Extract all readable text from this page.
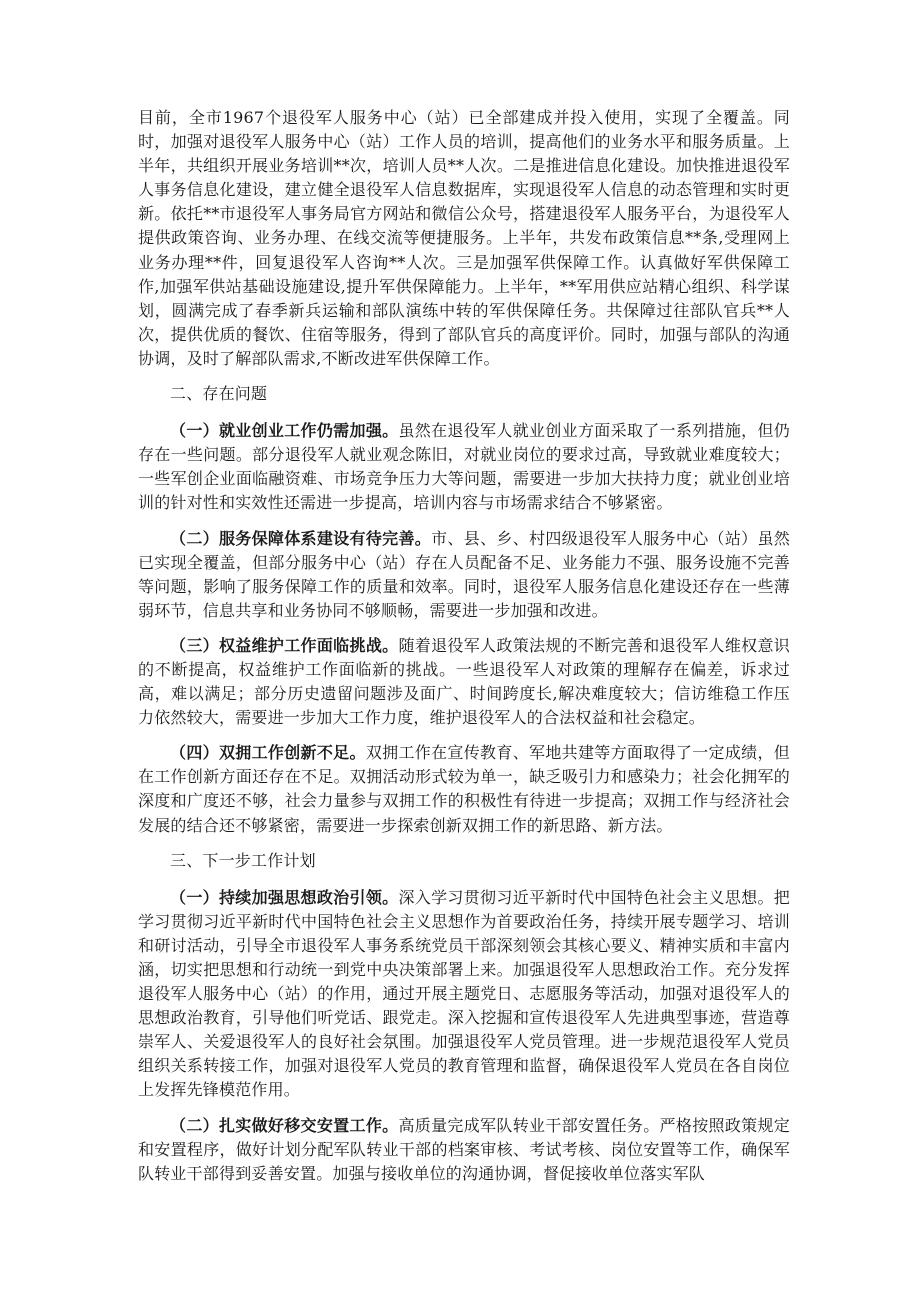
目前，全市1967个退役军人服务中心（站）已全部建成并投入使用，实现了全覆盖。同时，加强对退役军人服务中心（站）工作人员的培训，提高他们的业务水平和服务质量。上半年，共组织开展业务培训**次，培训人员**人次。二是推进信息化建设。加快推进退役军人事务信息化建设，建立健全退役军人信息数据库，实现退役军人信息的动态管理和实时更新。依托**市退役军人事务局官方网站和微信公众号，搭建退役军人服务平台，为退役军人提供政策咨询、业务办理、在线交流等便捷服务。上半年，共发布政策信息**条,受理网上业务办理**件，回复退役军人咨询**人次。三是加强军供保障工作。认真做好军供保障工作,加强军供站基础设施建设,提升军供保障能力。上半年，**军用供应站精心组织、科学谋划，圆满完成了春季新兵运输和部队演练中转的军供保障任务。共保障过往部队官兵**人次，提供优质的餐饮、住宿等服务，得到了部队官兵的高度评价。同时，加强与部队的沟通协调，及时了解部队需求,不断改进军供保障工作。

二、存在问题

（一）就业创业工作仍需加强。虽然在退役军人就业创业方面采取了一系列措施，但仍存在一些问题。部分退役军人就业观念陈旧，对就业岗位的要求过高，导致就业难度较大；一些军创企业面临融资难、市场竞争压力大等问题，需要进一步加大扶持力度；就业创业培训的针对性和实效性还需进一步提高，培训内容与市场需求结合不够紧密。

（二）服务保障体系建设有待完善。市、县、乡、村四级退役军人服务中心（站）虽然已实现全覆盖，但部分服务中心（站）存在人员配备不足、业务能力不强、服务设施不完善等问题，影响了服务保障工作的质量和效率。同时，退役军人服务信息化建设还存在一些薄弱环节，信息共享和业务协同不够顺畅，需要进一步加强和改进。

（三）权益维护工作面临挑战。随着退役军人政策法规的不断完善和退役军人维权意识的不断提高，权益维护工作面临新的挑战。一些退役军人对政策的理解存在偏差，诉求过高，难以满足；部分历史遗留问题涉及面广、时间跨度长,解决难度较大；信访维稳工作压力依然较大，需要进一步加大工作力度，维护退役军人的合法权益和社会稳定。

（四）双拥工作创新不足。双拥工作在宣传教育、军地共建等方面取得了一定成绩，但在工作创新方面还存在不足。双拥活动形式较为单一，缺乏吸引力和感染力；社会化拥军的深度和广度还不够，社会力量参与双拥工作的积极性有待进一步提高；双拥工作与经济社会发展的结合还不够紧密，需要进一步探索创新双拥工作的新思路、新方法。

三、下一步工作计划

（一）持续加强思想政治引领。深入学习贯彻习近平新时代中国特色社会主义思想。把学习贯彻习近平新时代中国特色社会主义思想作为首要政治任务，持续开展专题学习、培训和研讨活动，引导全市退役军人事务系统党员干部深刻领会其核心要义、精神实质和丰富内涵，切实把思想和行动统一到党中央决策部署上来。加强退役军人思想政治工作。充分发挥退役军人服务中心（站）的作用，通过开展主题党日、志愿服务等活动，加强对退役军人的思想政治教育，引导他们听党话、跟党走。深入挖掘和宣传退役军人先进典型事迹，营造尊崇军人、关爱退役军人的良好社会氛围。加强退役军人党员管理。进一步规范退役军人党员组织关系转接工作，加强对退役军人党员的教育管理和监督，确保退役军人党员在各自岗位上发挥先锋模范作用。

（二）扎实做好移交安置工作。高质量完成军队转业干部安置任务。严格按照政策规定和安置程序，做好计划分配军队转业干部的档案审核、考试考核、岗位安置等工作，确保军队转业干部得到妥善安置。加强与接收单位的沟通协调，督促接收单位落实军队
